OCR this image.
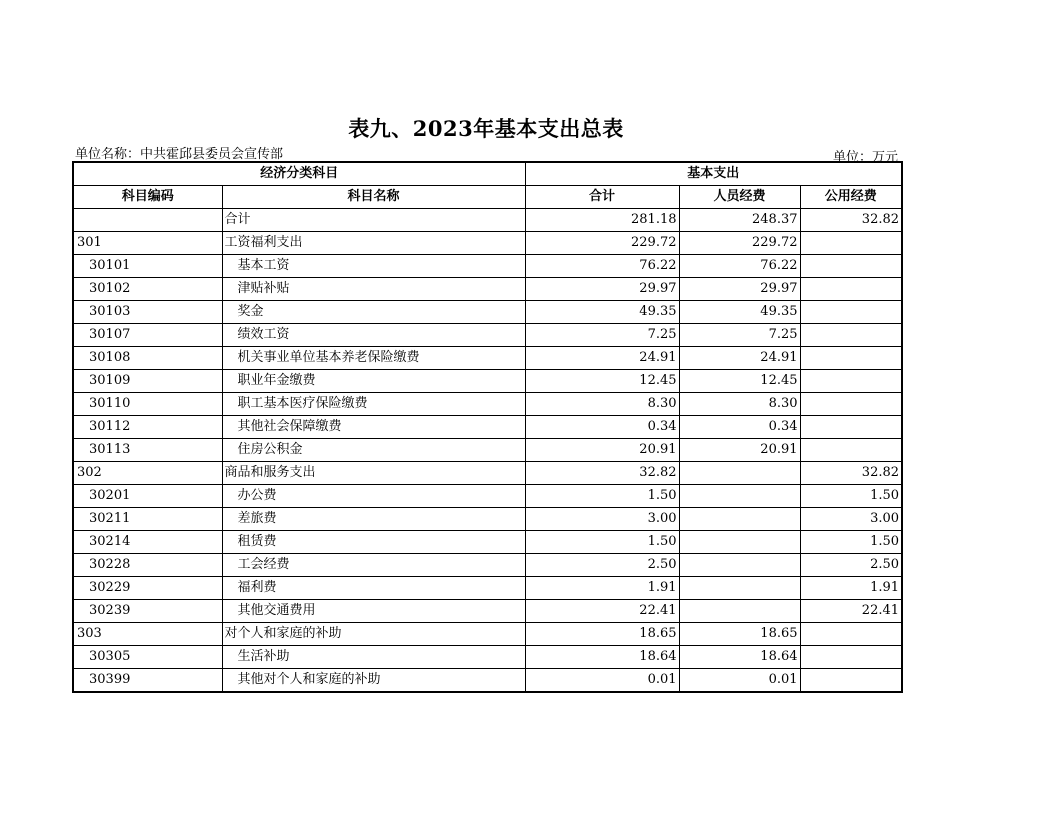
表九、2023年基本支出总表
单位名称：中共霍邱县委员会宣传部	单位：万元
经济分类科目		基本支出		
科目编码	科目名称	合计	人员经费	公用经费
	合计	281.18	248.37	32.82
301	工资福利支出	229.72	229.72	
30101	基本工资	76.22	76.22	
30102	津贴补贴	29.97	29.97	
30103	奖金	49.35	49.35	
30107	绩效工资	7.25	7.25	
30108	机关事业单位基本养老保险缴费	24.91	24.91	
30109	职业年金缴费	12.45	12.45	
30110	职工基本医疗保险缴费	8.30	8.30	
30112	其他社会保障缴费	0.34	0.34	
30113	住房公积金	20.91	20.91	
302	商品和服务支出	32.82		32.82
30201	办公费	1.50		1.50
30211	差旅费	3.00		3.00
30214	租赁费	1.50		1.50
30228	工会经费	2.50		2.50
30229	福利费	1.91		1.91
30239	其他交通费用	22.41		22.41
303	对个人和家庭的补助	18.65	18.65	
30305	生活补助	18.64	18.64	
30399	其他对个人和家庭的补助	0.01	0.01	
